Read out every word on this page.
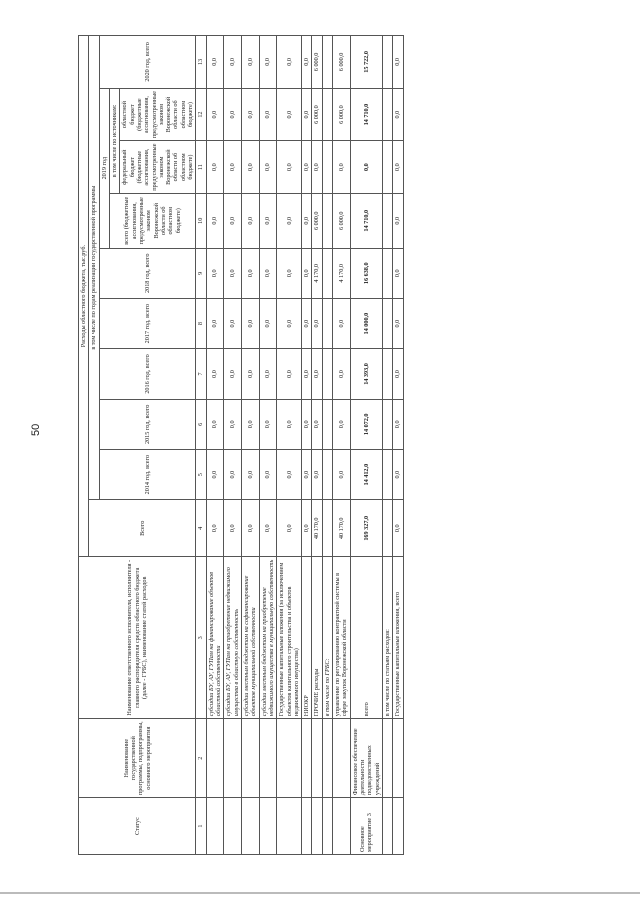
50
Статус	Наименование государственной программы, подпрограммы, основного мероприятия	Наименование ответственного исполнителя, исполнителя - главного распорядителя средств областного бюджета (далее - ГРБС), наименование статей расходов	Расходы областного бюджета, тыс.руб.									
			Всего	в том числе по годам реализации государственной программы								
				2014 год, всего	2015 год, всего	2016 год, всего	2017 год, всего	2018 год, всего	2019 год			2020 год, всего
									всего (бюджетные ассигнования, предусмотренные законом Воронежской области об областном бюджете)	в том числе по источникам:		
										федеральный бюджет (бюджетные ассигнования, предусмотренные законом Воронежской области об областном бюджете)	областной бюджет (бюджетные ассигнования, предусмотренные законом Воронежской области об областном бюджете)	
1	2	3	4	5	6	7	8	9	10	11	12	13
		субсидии БУ, АУ, ГУПам на финансирование объектов областной собственности	0,0	0,0	0,0	0,0	0,0	0,0	0,0	0,0	0,0	0,0
		субсидии БУ, АУ, ГУПам на приобретение недвижимого имущества в областную собственность	0,0	0,0	0,0	0,0	0,0	0,0	0,0	0,0	0,0	0,0
		субсидии местным бюджетам на софинансирование объектов муниципальной собственности	0,0	0,0	0,0	0,0	0,0	0,0	0,0	0,0	0,0	0,0
		субсидии местным бюджетам на приобретение недвижимого имущества в муниципальную собственность	0,0	0,0	0,0	0,0	0,0	0,0	0,0	0,0	0,0	0,0
		Государственные капитальные вложения (за исключением объектов капитального строительства и объектов недвижимого имущества)	0,0	0,0	0,0	0,0	0,0	0,0	0,0	0,0	0,0	0,0
		НИОКР	0,0	0,0	0,0	0,0	0,0	0,0	0,0	0,0	0,0	0,0
		ПРОЧИЕ расходы	40 170,0	0,0	0,0	0,0	0,0	4 170,0	6 000,0	0,0	6 000,0	6 000,0
		в том числе по ГРБС:										
		управление по регулированию контрактной системы в сфере закупок Воронежской области	40 170,0	0,0	0,0	0,0	0,0	4 170,0	6 000,0	0,0	6 000,0	6 000,0
Основное мероприятие 3	Финансовое обеспечение деятельности подведомственных учреждений	всего	169 327,0	14 412,0	14 072,0	14 393,0	14 000,0	16 638,0	14 710,0	0,0	14 710,0	15 722,0
		в том числе по статьям расходов:										
		Государственные капитальные вложения, всего	0,0	0,0	0,0	0,0	0,0	0,0	0,0	0,0	0,0	0,0
